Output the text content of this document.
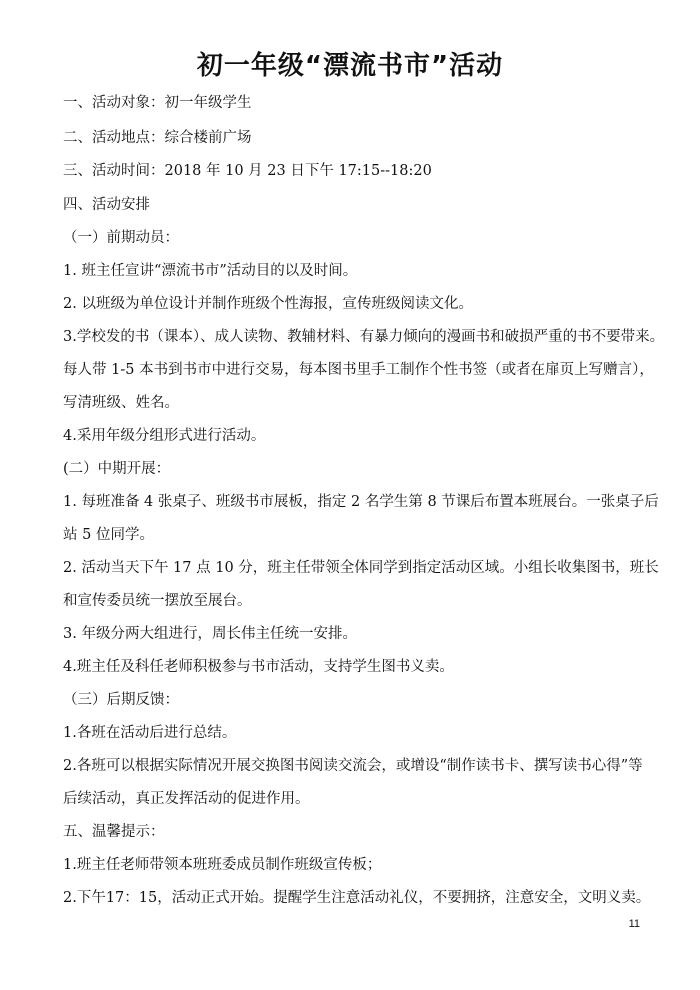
初一年级“漂流书市”活动
一、活动对象：初一年级学生
二、活动地点：综合楼前广场
三、活动时间：2018 年 10 月 23 日下午 17:15--18:20
四、活动安排
（一）前期动员：
1. 班主任宣讲“漂流书市”活动目的以及时间。
2. 以班级为单位设计并制作班级个性海报，宣传班级阅读文化。
3.学校发的书（课本）、成人读物、教辅材料、有暴力倾向的漫画书和破损严重的书不要带来。
每人带 1-5 本书到书市中进行交易，每本图书里手工制作个性书签（或者在扉页上写赠言），
写清班级、姓名。
4.采用年级分组形式进行活动。
(二）中期开展：
1. 每班准备 4 张桌子、班级书市展板，指定 2 名学生第 8 节课后布置本班展台。一张桌子后
站 5 位同学。
2. 活动当天下午 17 点 10 分，班主任带领全体同学到指定活动区域。小组长收集图书，班长
和宣传委员统一摆放至展台。
3. 年级分两大组进行，周长伟主任统一安排。
4.班主任及科任老师积极参与书市活动，支持学生图书义卖。
（三）后期反馈：
1.各班在活动后进行总结。
2.各班可以根据实际情况开展交换图书阅读交流会，或增设“制作读书卡、撰写读书心得”等
后续活动，真正发挥活动的促进作用。
五、温馨提示：
1.班主任老师带领本班班委成员制作班级宣传板；
2.下午17：15，活动正式开始。提醒学生注意活动礼仪，不要拥挤，注意安全，文明义卖。
11
